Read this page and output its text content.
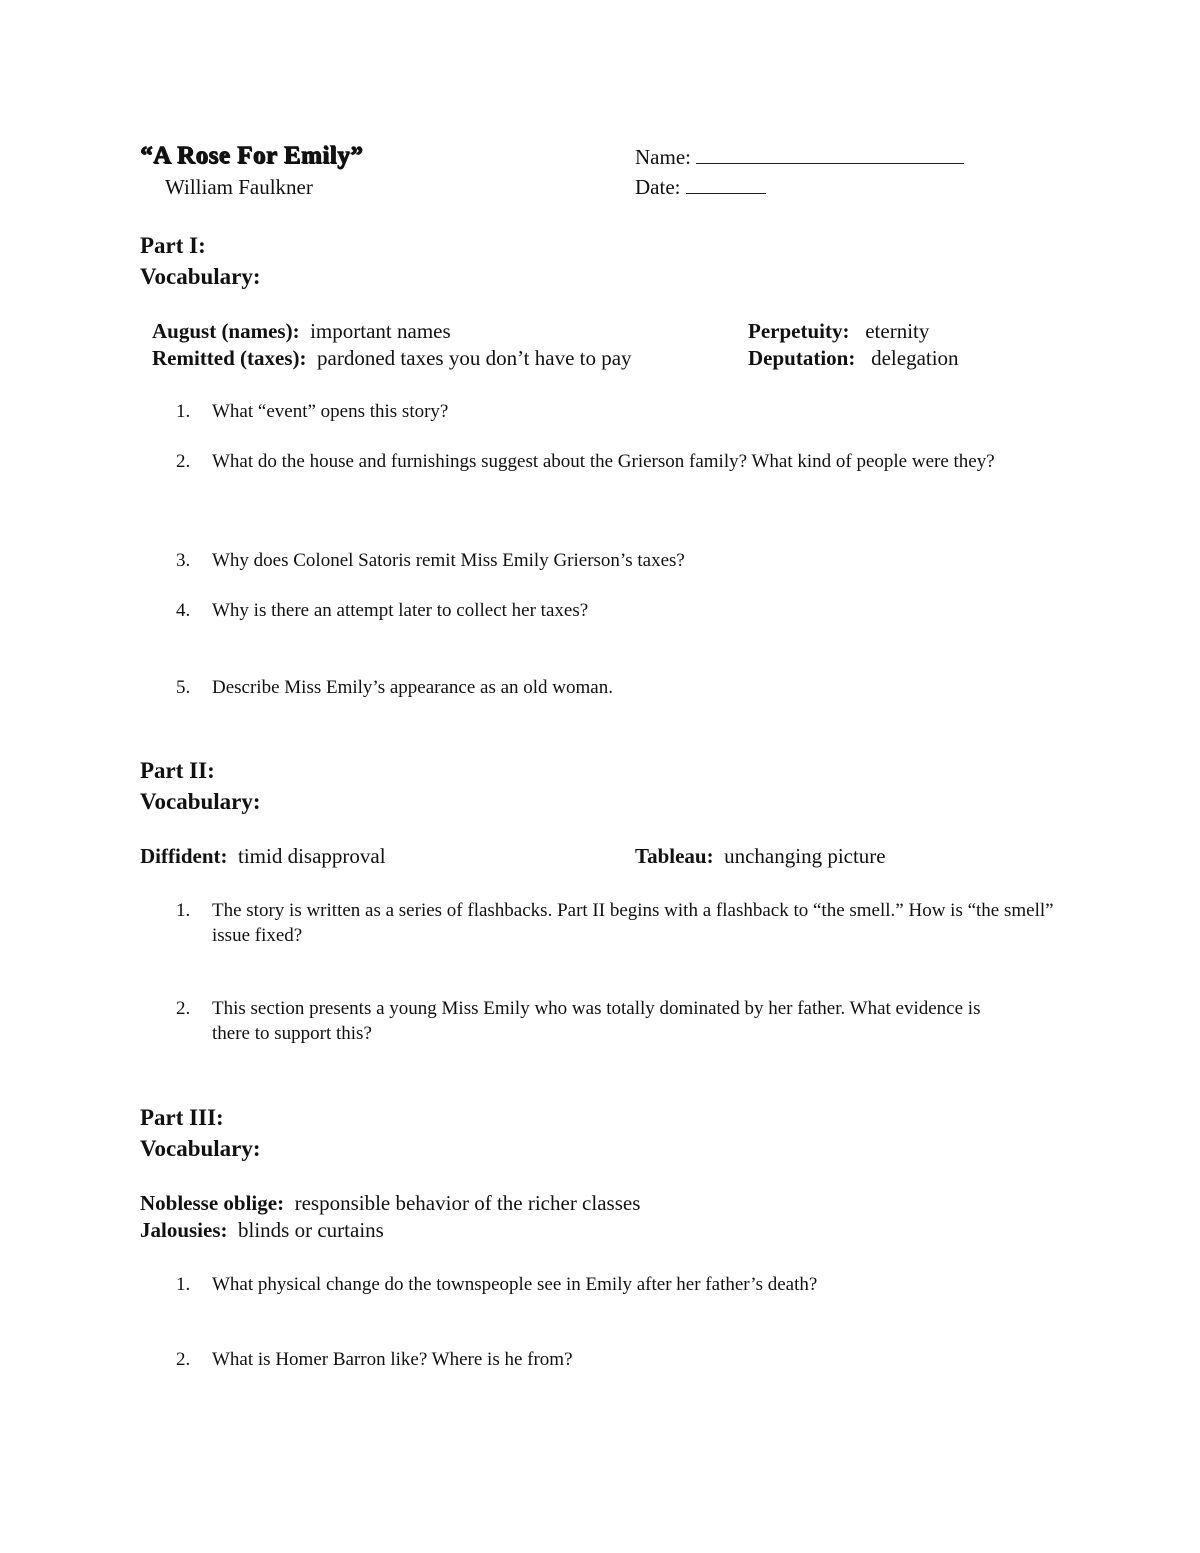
“A Rose For Emily”
William Faulkner
Name:
Date:
Part I:
Vocabulary:
August (names): important names	Perpetuity: eternity
Remitted (taxes): pardoned taxes you don’t have to pay	Deputation: delegation
1. What “event” opens this story?
2. What do the house and furnishings suggest about the Grierson family? What kind of people were they?
3. Why does Colonel Satoris remit Miss Emily Grierson’s taxes?
4. Why is there an attempt later to collect her taxes?
5. Describe Miss Emily’s appearance as an old woman.
Part II:
Vocabulary:
Diffident: timid disapproval	Tableau: unchanging picture
1. The story is written as a series of flashbacks. Part II begins with a flashback to “the smell.” How is “the smell” issue fixed?
2. This section presents a young Miss Emily who was totally dominated by her father. What evidence is there to support this?
Part III:
Vocabulary:
Noblesse oblige: responsible behavior of the richer classes
Jalousies: blinds or curtains
1. What physical change do the townspeople see in Emily after her father’s death?
2. What is Homer Barron like? Where is he from?
